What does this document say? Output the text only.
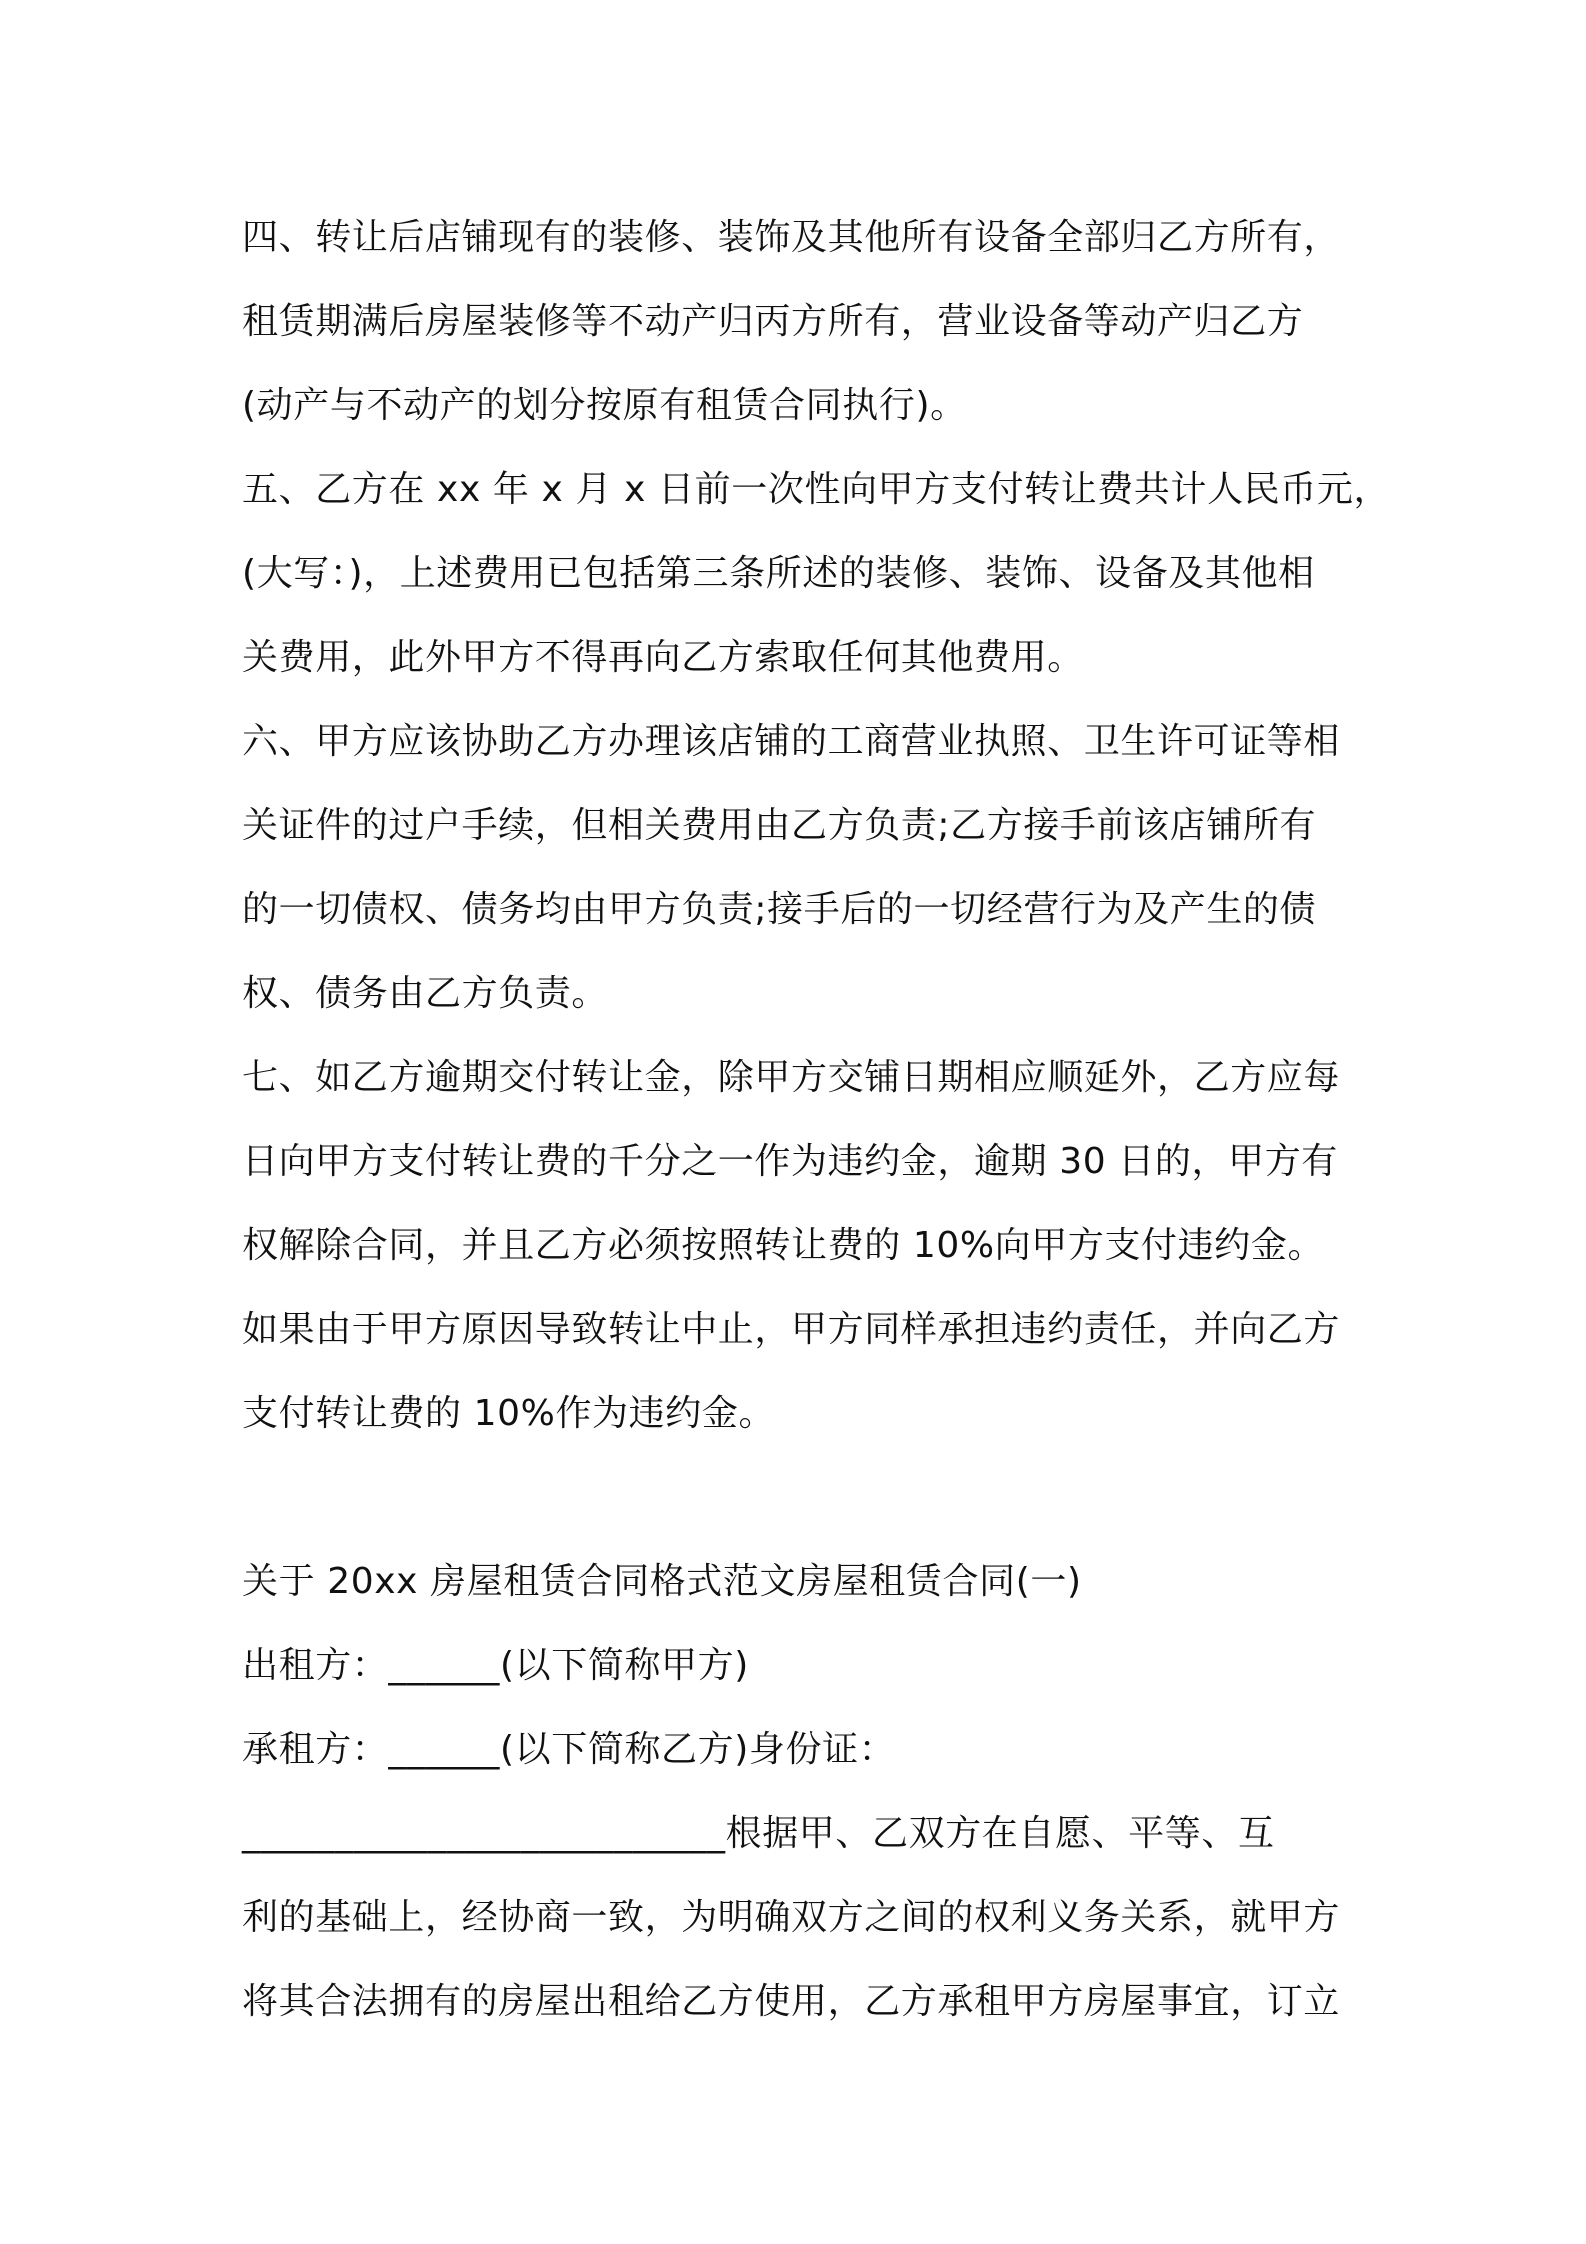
四、转让后店铺现有的装修、装饰及其他所有设备全部归乙方所有，
租赁期满后房屋装修等不动产归丙方所有，营业设备等动产归乙方
(动产与不动产的划分按原有租赁合同执行)。
五、乙方在 xx 年 x 月 x 日前一次性向甲方支付转让费共计人民币元，
(大写：)，上述费用已包括第三条所述的装修、装饰、设备及其他相
关费用，此外甲方不得再向乙方索取任何其他费用。
六、甲方应该协助乙方办理该店铺的工商营业执照、卫生许可证等相
关证件的过户手续，但相关费用由乙方负责;乙方接手前该店铺所有
的一切债权、债务均由甲方负责;接手后的一切经营行为及产生的债
权、债务由乙方负责。
七、如乙方逾期交付转让金，除甲方交铺日期相应顺延外，乙方应每
日向甲方支付转让费的千分之一作为违约金，逾期 30 日的，甲方有
权解除合同，并且乙方必须按照转让费的 10%向甲方支付违约金。
如果由于甲方原因导致转让中止，甲方同样承担违约责任，并向乙方
支付转让费的 10%作为违约金。
关于 20xx 房屋租赁合同格式范文房屋租赁合同(一)
出租方：______(以下简称甲方)
承租方：______(以下简称乙方)身份证：
__________________________根据甲、乙双方在自愿、平等、互
利的基础上，经协商一致，为明确双方之间的权利义务关系，就甲方
将其合法拥有的房屋出租给乙方使用，乙方承租甲方房屋事宜，订立
